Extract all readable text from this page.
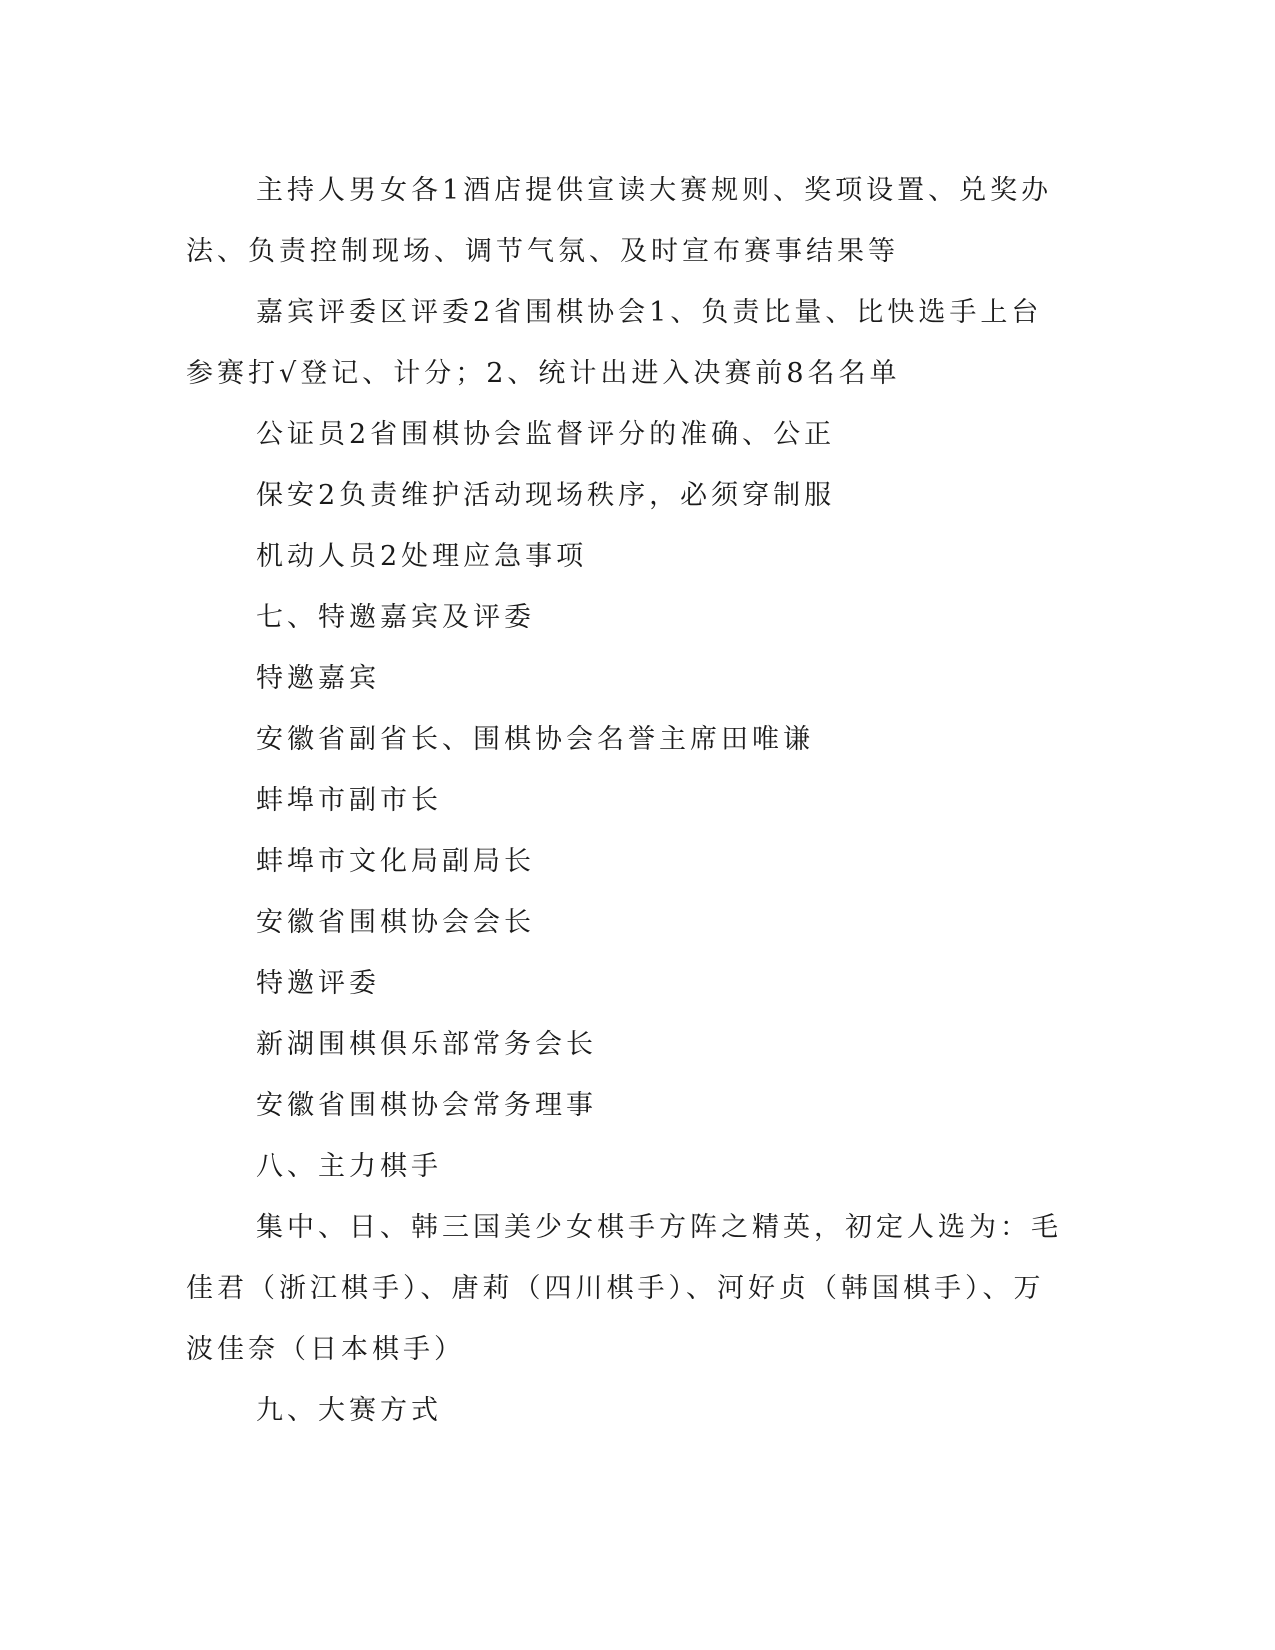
主持人男女各1酒店提供宣读大赛规则、奖项设置、兑奖办法、负责控制现场、调节气氛、及时宣布赛事结果等

嘉宾评委区评委2省围棋协会1、负责比量、比快选手上台参赛打√登记、计分；2、统计出进入决赛前8名名单

公证员2省围棋协会监督评分的准确、公正

保安2负责维护活动现场秩序，必须穿制服

机动人员2处理应急事项

七、特邀嘉宾及评委

特邀嘉宾

安徽省副省长、围棋协会名誉主席田唯谦

蚌埠市副市长

蚌埠市文化局副局长

安徽省围棋协会会长

特邀评委

新湖围棋俱乐部常务会长

安徽省围棋协会常务理事

八、主力棋手

集中、日、韩三国美少女棋手方阵之精英，初定人选为：毛佳君（浙江棋手）、唐莉（四川棋手）、河好贞（韩国棋手）、万波佳奈（日本棋手）

九、大赛方式
